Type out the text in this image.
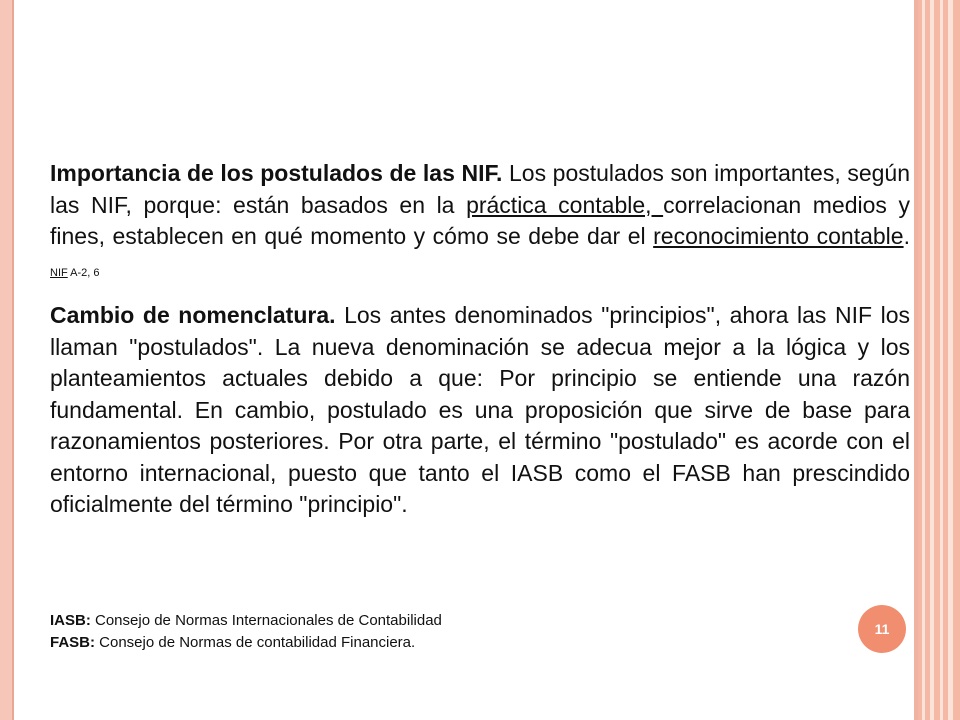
Importancia de los postulados de las NIF. Los postulados son importantes, según las NIF, porque: están basados en la práctica contable, correlacionan medios y fines, establecen en qué momento y cómo se debe dar el reconocimiento contable. NIF A-2, 6

Cambio de nomenclatura. Los antes denominados "principios", ahora las NIF los llaman "postulados". La nueva denominación se adecua mejor a la lógica y los planteamientos actuales debido a que: Por principio se entiende una razón fundamental. En cambio, postulado es una proposición que sirve de base para razonamientos posteriores. Por otra parte, el término "postulado" es acorde con el entorno internacional, puesto que tanto el IASB como el FASB han prescindido oficialmente del término "principio".

IASB: Consejo de Normas Internacionales de Contabilidad
FASB: Consejo de Normas de contabilidad Financiera.
11
